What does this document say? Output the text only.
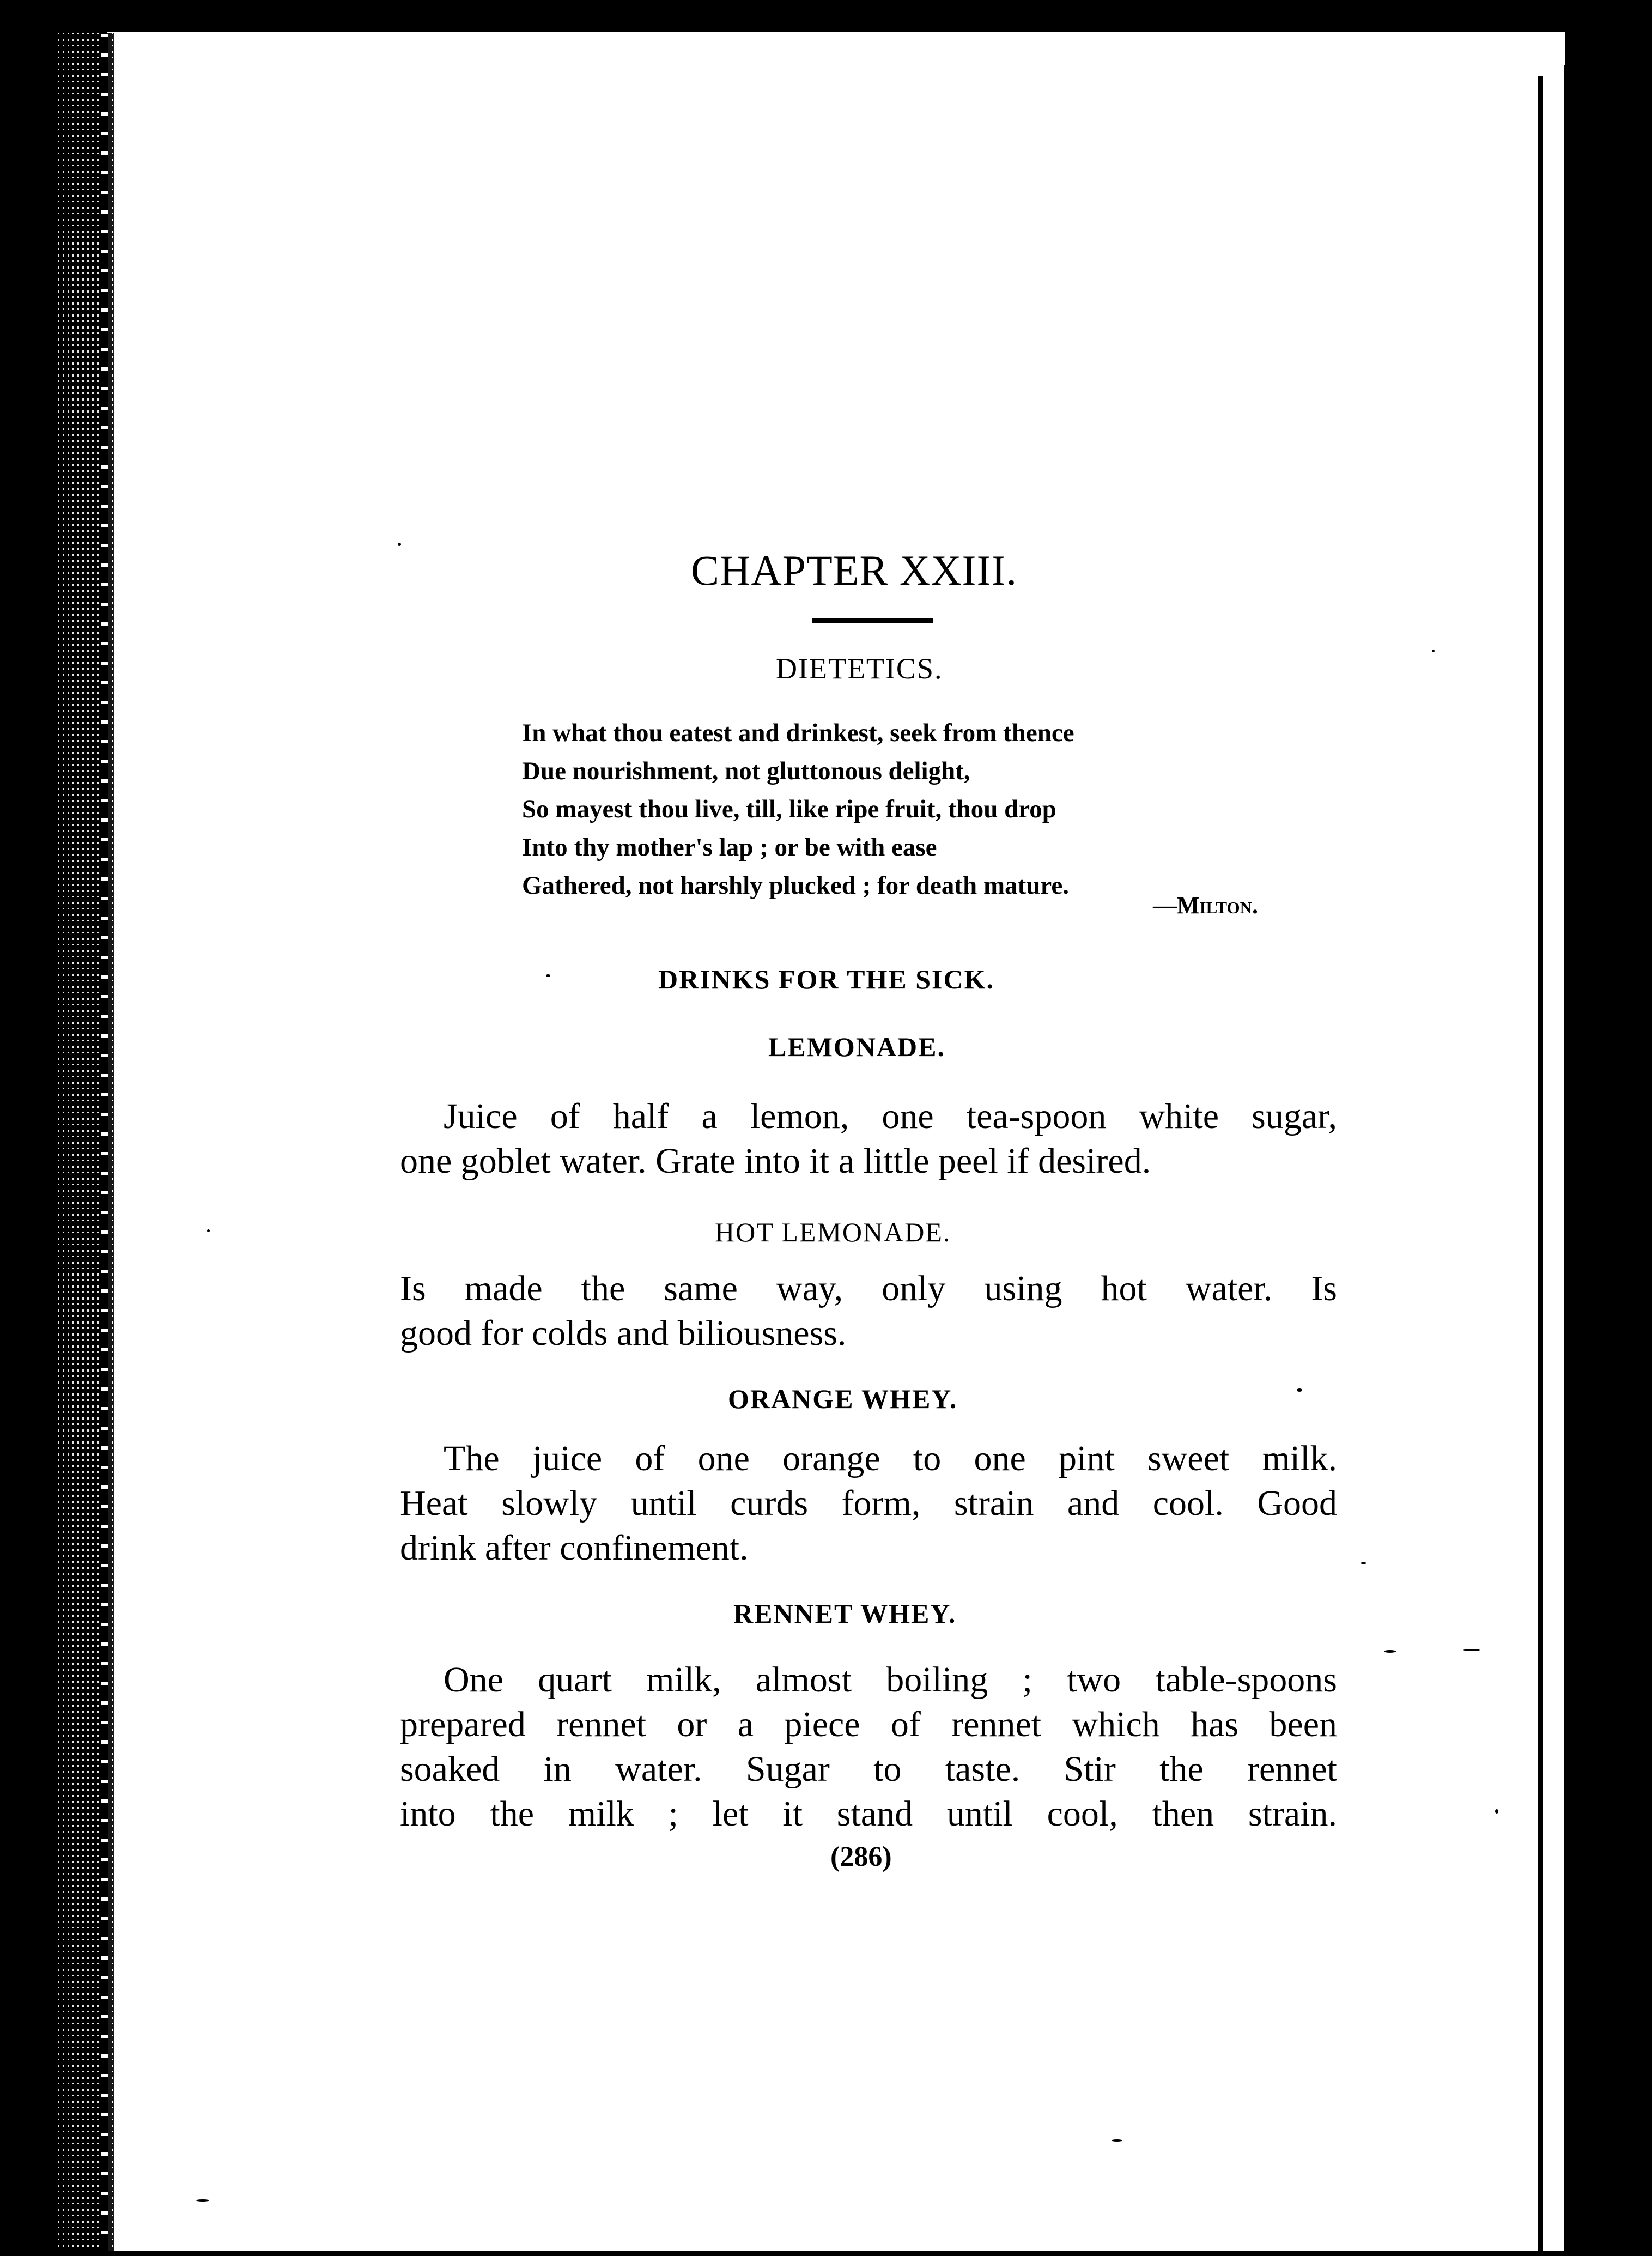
CHAPTER XXIII.
DIETETICS.
In what thou eatest and drinkest, seek from thence
Due nourishment, not gluttonous delight,
So mayest thou live, till, like ripe fruit, thou drop
Into thy mother's lap ; or be with ease
Gathered, not harshly plucked ; for death mature.
—Milton.
DRINKS FOR THE SICK.
LEMONADE.
Juice of half a lemon, one tea-spoon white sugar,
one goblet water. Grate into it a little peel if desired.
HOT LEMONADE.
Is made the same way, only using hot water. Is
good for colds and biliousness.
ORANGE WHEY.
The juice of one orange to one pint sweet milk.
Heat slowly until curds form, strain and cool. Good
drink after confinement.
RENNET WHEY.
One quart milk, almost boiling ; two table-spoons
prepared rennet or a piece of rennet which has been
soaked in water. Sugar to taste. Stir the rennet
into the milk ; let it stand until cool, then strain.
(286)
